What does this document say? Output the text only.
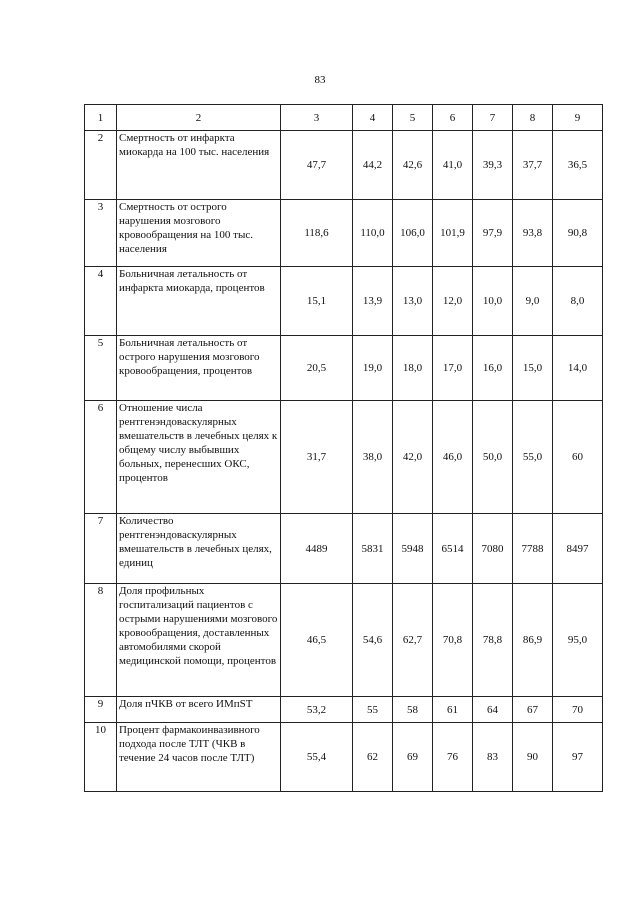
83
1	2	3	4	5	6	7	8	9
2	Смертность от инфаркта миокарда на 100 тыс. населения	47,7	44,2	42,6	41,0	39,3	37,7	36,5
3	Смертность от острого нарушения мозгового кровообращения на 100 тыс. населения	118,6	110,0	106,0	101,9	97,9	93,8	90,8
4	Больничная летальность от инфаркта миокарда, процентов	15,1	13,9	13,0	12,0	10,0	9,0	8,0
5	Больничная летальность от острого нарушения мозгового кровообращения, процентов	20,5	19,0	18,0	17,0	16,0	15,0	14,0
6	Отношение числа рентгенэндоваскулярных вмешательств в лечебных целях к общему числу выбывших больных, перенесших ОКС, процентов	31,7	38,0	42,0	46,0	50,0	55,0	60
7	Количество рентгенэндоваскулярных вмешательств в лечебных целях, единиц	4489	5831	5948	6514	7080	7788	8497
8	Доля профильных госпитализаций пациентов с острыми нарушениями мозгового кровообращения, доставленных автомобилями скорой медицинской помощи, процентов	46,5	54,6	62,7	70,8	78,8	86,9	95,0
9	Доля пЧКВ от всего ИМпST	53,2	55	58	61	64	67	70
10	Процент фармакоинвазивного подхода после ТЛТ (ЧКВ в течение 24 часов после ТЛТ)	55,4	62	69	76	83	90	97
